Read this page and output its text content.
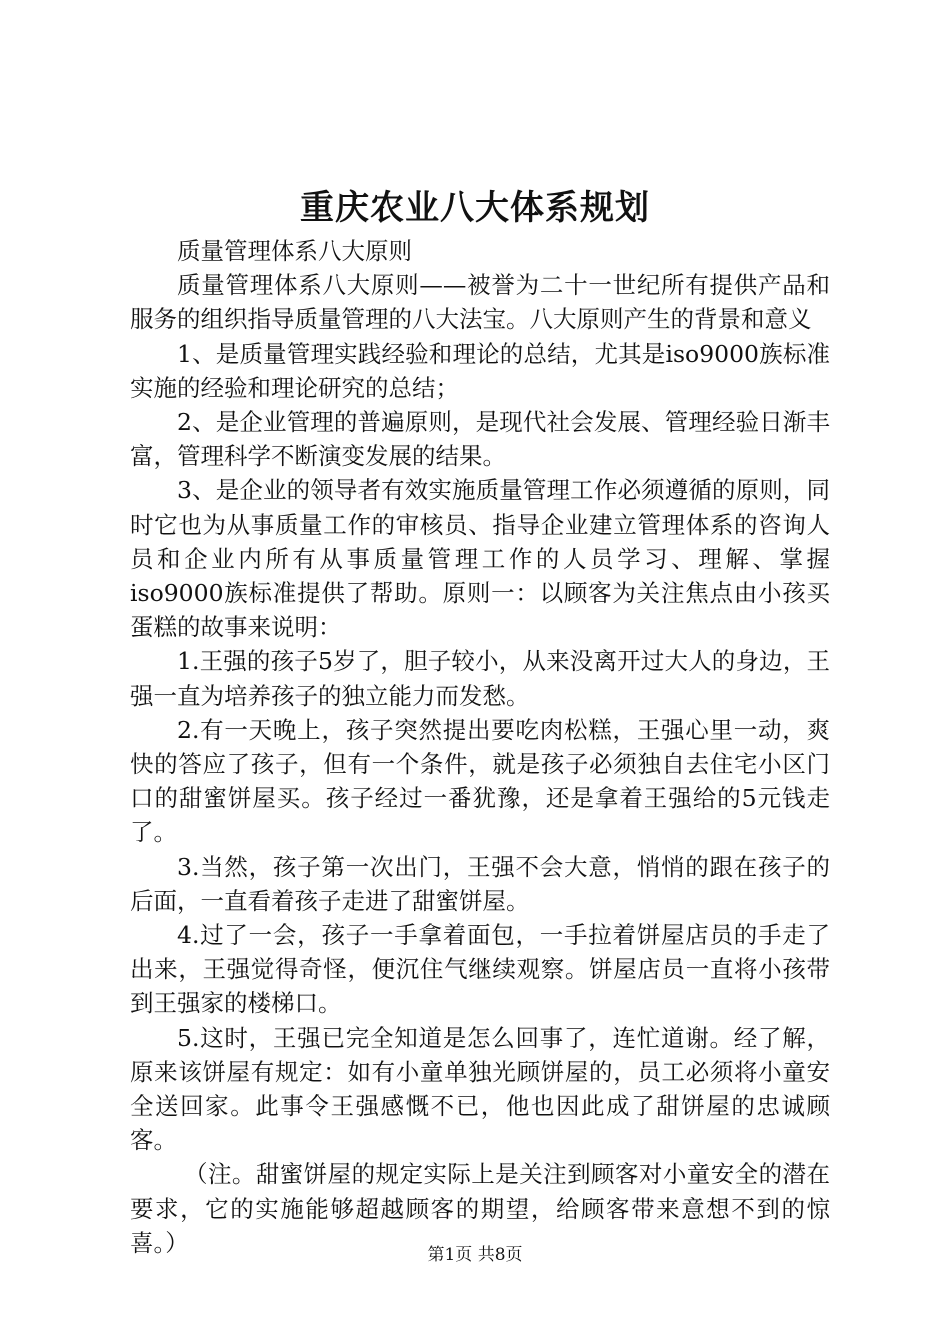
重庆农业八大体系规划

质量管理体系八大原则

质量管理体系八大原则——被誉为二十一世纪所有提供产品和服务的组织指导质量管理的八大法宝。八大原则产生的背景和意义

1、是质量管理实践经验和理论的总结，尤其是iso9000族标准实施的经验和理论研究的总结；

2、是企业管理的普遍原则，是现代社会发展、管理经验日渐丰富，管理科学不断演变发展的结果。

3、是企业的领导者有效实施质量管理工作必须遵循的原则，同时它也为从事质量工作的审核员、指导企业建立管理体系的咨询人员和企业内所有从事质量管理工作的人员学习、理解、掌握iso9000族标准提供了帮助。原则一：以顾客为关注焦点由小孩买蛋糕的故事来说明：

1.王强的孩子5岁了，胆子较小，从来没离开过大人的身边，王强一直为培养孩子的独立能力而发愁。

2.有一天晚上，孩子突然提出要吃肉松糕，王强心里一动，爽快的答应了孩子，但有一个条件，就是孩子必须独自去住宅小区门口的甜蜜饼屋买。孩子经过一番犹豫，还是拿着王强给的5元钱走了。

3.当然，孩子第一次出门，王强不会大意，悄悄的跟在孩子的后面，一直看着孩子走进了甜蜜饼屋。

4.过了一会，孩子一手拿着面包，一手拉着饼屋店员的手走了出来，王强觉得奇怪，便沉住气继续观察。饼屋店员一直将小孩带到王强家的楼梯口。

5.这时，王强已完全知道是怎么回事了，连忙道谢。经了解，原来该饼屋有规定：如有小童单独光顾饼屋的，员工必须将小童安全送回家。此事令王强感慨不已，他也因此成了甜饼屋的忠诚顾客。

（注。甜蜜饼屋的规定实际上是关注到顾客对小童安全的潜在要求，它的实施能够超越顾客的期望，给顾客带来意想不到的惊喜。）	第1页 共8页
